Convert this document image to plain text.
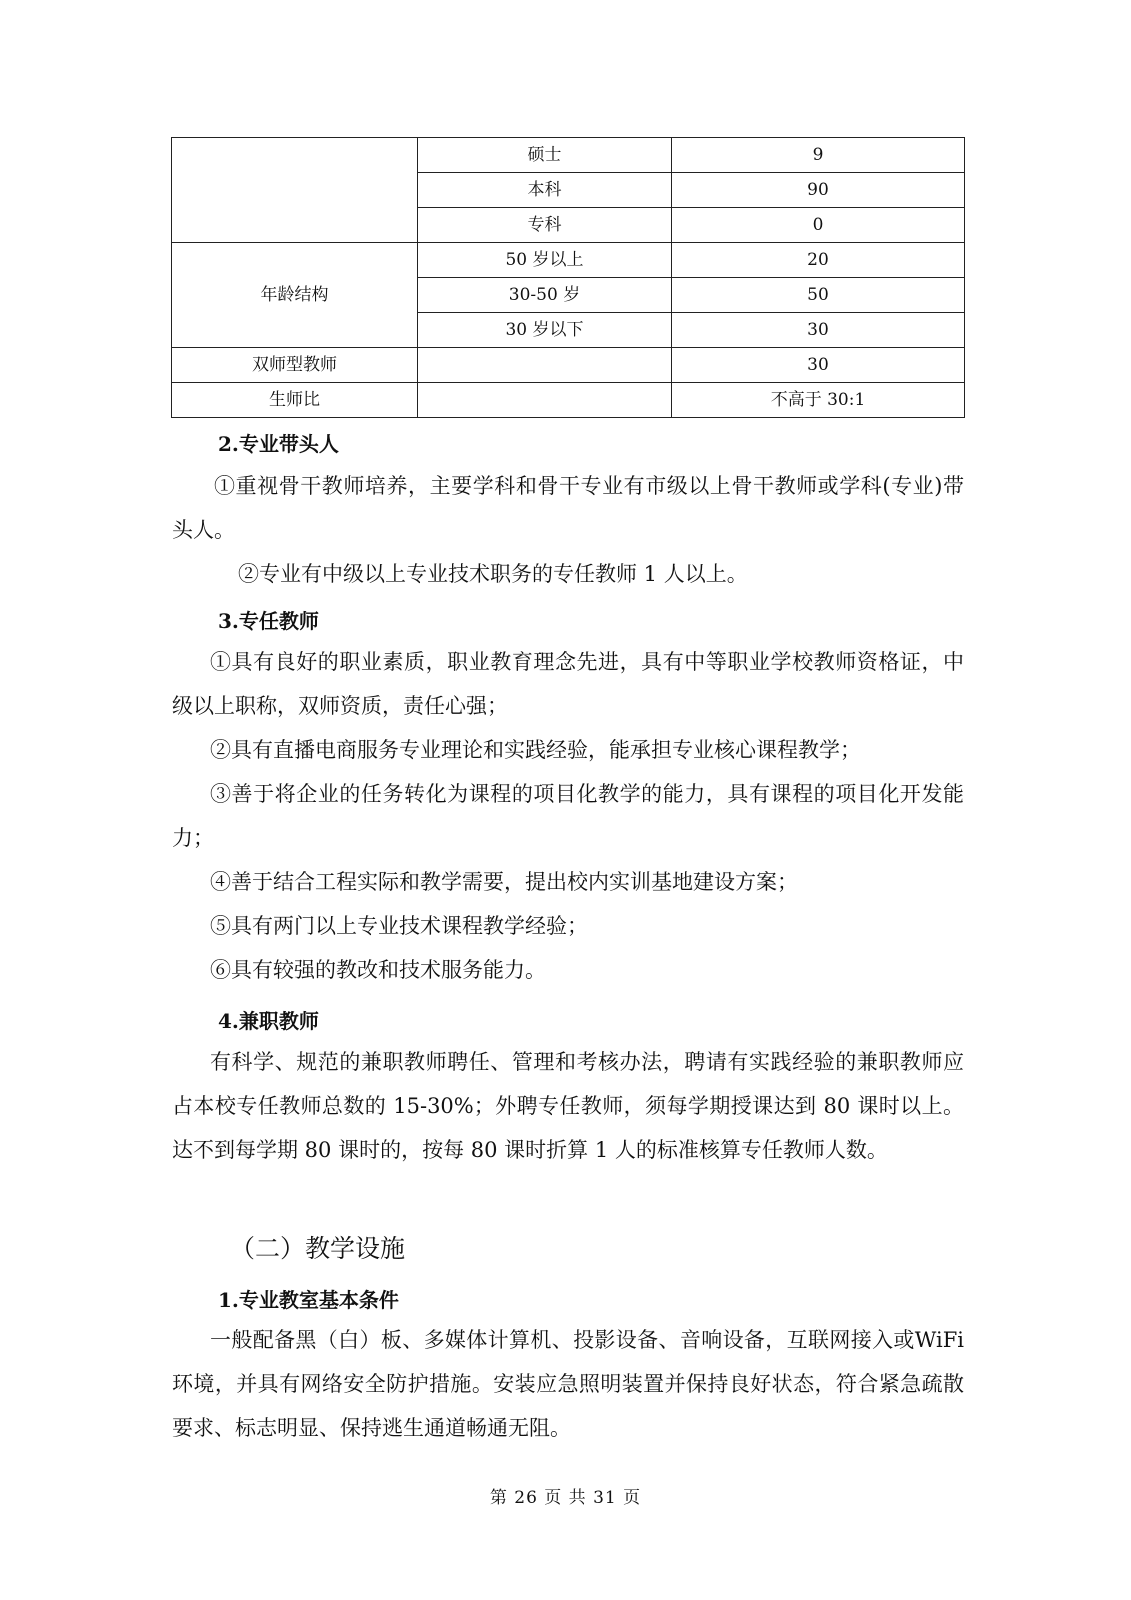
	硕士	9
	本科	90
	专科	0
年龄结构	50 岁以上	20
	30-50 岁	50
	30 岁以下	30
双师型教师		30
生师比		不高于 30:1
2.专业带头人

①重视骨干教师培养，主要学科和骨干专业有市级以上骨干教师或学科(专业)带头人。

②专业有中级以上专业技术职务的专任教师 1 人以上。

3.专任教师

①具有良好的职业素质，职业教育理念先进，具有中等职业学校教师资格证，中级以上职称，双师资质，责任心强；

②具有直播电商服务专业理论和实践经验，能承担专业核心课程教学；

③善于将企业的任务转化为课程的项目化教学的能力，具有课程的项目化开发能力；

④善于结合工程实际和教学需要，提出校内实训基地建设方案；

⑤具有两门以上专业技术课程教学经验；

⑥具有较强的教改和技术服务能力。

4.兼职教师

有科学、规范的兼职教师聘任、管理和考核办法，聘请有实践经验的兼职教师应占本校专任教师总数的 15-30%；外聘专任教师，须每学期授课达到 80 课时以上。达不到每学期 80 课时的，按每 80 课时折算 1 人的标准核算专任教师人数。

（二）教学设施
1.专业教室基本条件

一般配备黑（白）板、多媒体计算机、投影设备、音响设备，互联网接入或WiFi 环境，并具有网络安全防护措施。安装应急照明装置并保持良好状态，符合紧急疏散要求、标志明显、保持逃生通道畅通无阻。

第 26 页 共 31 页
